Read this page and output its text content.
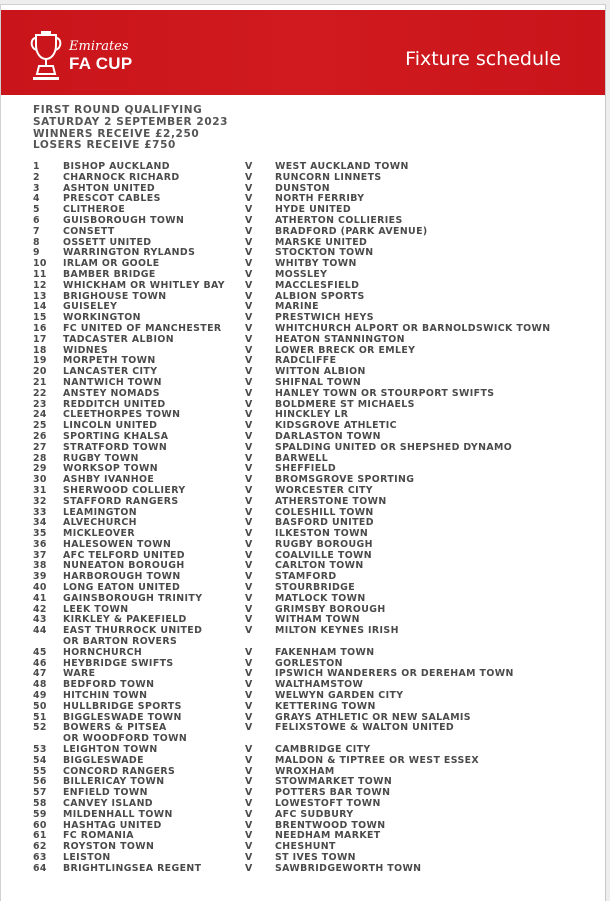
Emirates
FA CUP	Fixture schedule
FIRST ROUND QUALIFYING
SATURDAY 2 SEPTEMBER 2023
WINNERS RECEIVE £2,250
LOSERS RECEIVE £750
1 BISHOP AUCKLAND	V WEST AUCKLAND TOWN
2 CHARNOCK RICHARD	V RUNCORN LINNETS
3 ASHTON UNITED	V DUNSTON
4 PRESCOT CABLES	V NORTH FERRIBY
5 CLITHEROE	V HYDE UNITED
6 GUISBOROUGH TOWN	V ATHERTON COLLIERIES
7 CONSETT	V BRADFORD (PARK AVENUE)
8 OSSETT UNITED	V MARSKE UNITED
9 WARRINGTON RYLANDS	V STOCKTON TOWN
10 IRLAM OR GOOLE	V WHITBY TOWN
11 BAMBER BRIDGE	V MOSSLEY
12 WHICKHAM OR WHITLEY BAY V MACCLESFIELD
13 BRIGHOUSE TOWN	V ALBION SPORTS
14 GUISELEY	V MARINE
15 WORKINGTON	V PRESTWICH HEYS
16 FC UNITED OF MANCHESTER V WHITCHURCH ALPORT OR BARNOLDSWICK TOWN
17 TADCASTER ALBION	V HEATON STANNINGTON
18 WIDNES	V LOWER BRECK OR EMLEY
19 MORPETH TOWN	V RADCLIFFE
20 LANCASTER CITY	V WITTON ALBION
21 NANTWICH TOWN	V SHIFNAL TOWN
22 ANSTEY NOMADS	V HANLEY TOWN OR STOURPORT SWIFTS
23 REDDITCH UNITED	V BOLDMERE ST MICHAELS
24 CLEETHORPES TOWN	V HINCKLEY LR
25 LINCOLN UNITED	V KIDSGROVE ATHLETIC
26 SPORTING KHALSA	V DARLASTON TOWN
27 STRATFORD TOWN	V SPALDING UNITED OR SHEPSHED DYNAMO
28 RUGBY TOWN	V BARWELL
29 WORKSOP TOWN	V SHEFFIELD
30 ASHBY IVANHOE	V BROMSGROVE SPORTING
31 SHERWOOD COLLIERY	V WORCESTER CITY
32 STAFFORD RANGERS	V ATHERSTONE TOWN
33 LEAMINGTON	V COLESHILL TOWN
34 ALVECHURCH	V BASFORD UNITED
35 MICKLEOVER	V ILKESTON TOWN
36 HALESOWEN TOWN	V RUGBY BOROUGH
37 AFC TELFORD UNITED	V COALVILLE TOWN
38 NUNEATON BOROUGH	V CARLTON TOWN
39 HARBOROUGH TOWN	V STAMFORD
40 LONG EATON UNITED	V STOURBRIDGE
41 GAINSBOROUGH TRINITY	V MATLOCK TOWN
42 LEEK TOWN	V GRIMSBY BOROUGH
43 KIRKLEY & PAKEFIELD	V WITHAM TOWN
44 EAST THURROCK UNITED	V MILTON KEYNES IRISH
OR BARTON ROVERS
45 HORNCHURCH	V FAKENHAM TOWN
46 HEYBRIDGE SWIFTS	V GORLESTON
47 WARE	V IPSWICH WANDERERS OR DEREHAM TOWN
48 BEDFORD TOWN	V WALTHAMSTOW
49 HITCHIN TOWN	V WELWYN GARDEN CITY
50 HULLBRIDGE SPORTS	V KETTERING TOWN
51 BIGGLESWADE TOWN	V GRAYS ATHLETIC OR NEW SALAMIS
52 BOWERS & PITSEA	V FELIXSTOWE & WALTON UNITED
OR WOODFORD TOWN
53 LEIGHTON TOWN	V CAMBRIDGE CITY
54 BIGGLESWADE	V MALDON & TIPTREE OR WEST ESSEX
55 CONCORD RANGERS	V WROXHAM
56 BILLERICAY TOWN	V STOWMARKET TOWN
57 ENFIELD TOWN	V POTTERS BAR TOWN
58 CANVEY ISLAND	V LOWESTOFT TOWN
59 MILDENHALL TOWN	V AFC SUDBURY
60 HASHTAG UNITED	V BRENTWOOD TOWN
61 FC ROMANIA	V NEEDHAM MARKET
62 ROYSTON TOWN	V CHESHUNT
63 LEISTON	V ST IVES TOWN
64 BRIGHTLINGSEA REGENT	V SAWBRIDGEWORTH TOWN
